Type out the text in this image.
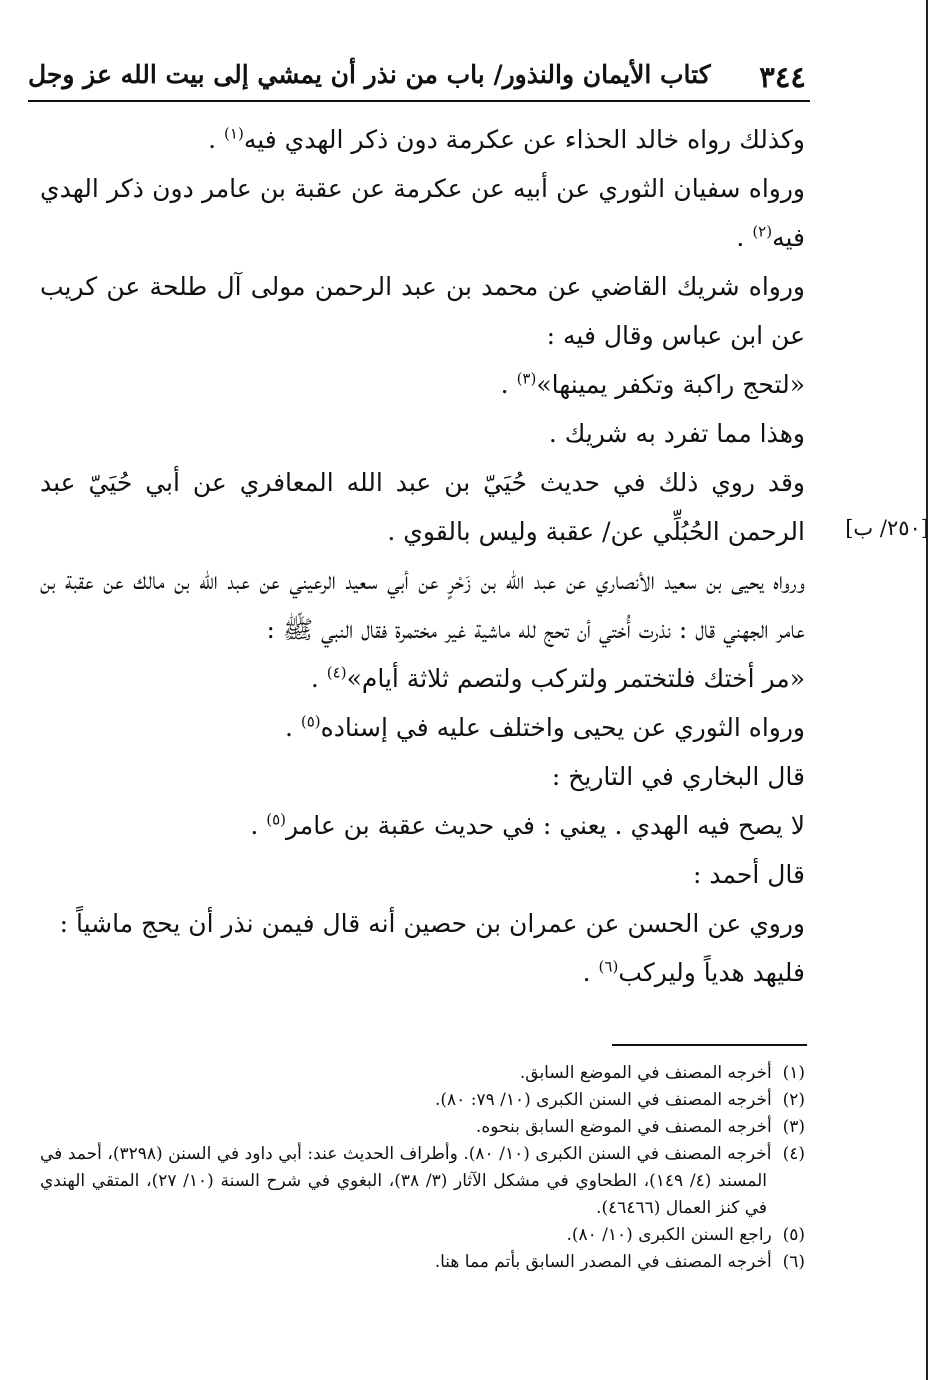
٣٤٤
كتاب الأيمان والنذور/ باب من نذر أن يمشي إلى بيت الله عز وجل
[٢٥٠/ ب]

وكذلك رواه خالد الحذاء عن عكرمة دون ذكر الهدي فيه$^{(١)}$ .

ورواه سفيان الثوري عن أبيه عن عكرمة عن عقبة بن عامر دون ذكر الهدي فيه$^{(٢)}$ .

ورواه شريك القاضي عن محمد بن عبد الرحمن مولى آل طلحة عن كريب عن ابن عباس وقال فيه :

«لتحج راكبة وتكفر يمينها»$^{(٣)}$ .

وهذا مما تفرد به شريك .

وقد روي ذلك في حديث حُيَيّ بن عبد الله المعافري عن أبي حُيَيّ عبد الرحمن الحُبُلِّي عن/ عقبة وليس بالقوي .

ورواه يحيى بن سعيد الأنصاري عن عبد الله بن زَحْرٍ عن أبي سعيد الرعيني عن عبد الله بن مالك عن عقبة بن عامر الجهني قال : نذرت أُختي أن تحج لله ماشية غير مختمرة فقال النبي ﷺ :

«مر أختك فلتختمر ولتركب ولتصم ثلاثة أيام»$^{(٤)}$ .

ورواه الثوري عن يحيى واختلف عليه في إسناده$^{(٥)}$ .

قال البخاري في التاريخ :

لا يصح فيه الهدي . يعني : في حديث عقبة بن عامر$^{(٥)}$ .

قال أحمد :

وروي عن الحسن عن عمران بن حصين أنه قال فيمن نذر أن يحج ماشياً :

فليهد هدياً وليركب$^{(٦)}$ .

(١)  أخرجه المصنف في الموضع السابق.

(٢)  أخرجه المصنف في السنن الكبرى (١٠/ ٧٩: ٨٠).

(٣)  أخرجه المصنف في الموضع السابق بنحوه.

(٤)  أخرجه المصنف في السنن الكبرى (١٠/ ٨٠). وأطراف الحديث عند: أبي داود في السنن (٣٢٩٨)، أحمد في المسند (٤/ ١٤٩)، الطحاوي في مشكل الآثار (٣/ ٣٨)، البغوي في شرح السنة (١٠/ ٢٧)، المتقي الهندي في كنز العمال (٤٦٤٦٦).

(٥)  راجع السنن الكبرى (١٠/ ٨٠).

(٦)  أخرجه المصنف في المصدر السابق بأتم مما هنا.
